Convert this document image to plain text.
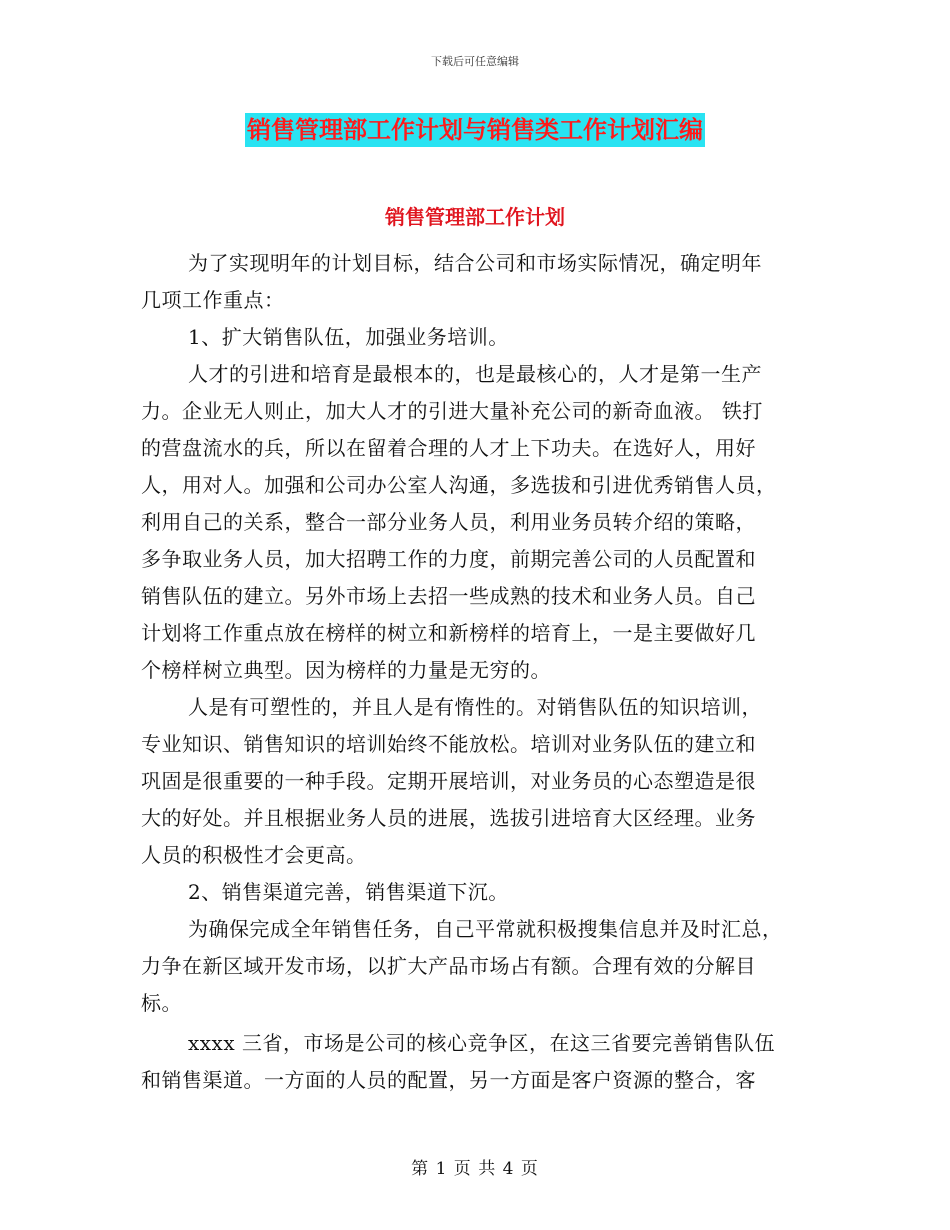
下载后可任意编辑
销售管理部工作计划与销售类工作计划汇编
销售管理部工作计划
为了实现明年的计划目标，结合公司和市场实际情况，确定明年
几项工作重点：
1、扩大销售队伍，加强业务培训。
人才的引进和培育是最根本的，也是最核心的，人才是第一生产
力。企业无人则止，加大人才的引进大量补充公司的新奇血液。 铁打
的营盘流水的兵，所以在留着合理的人才上下功夫。在选好人，用好
人，用对人。加强和公司办公室人沟通，多选拔和引进优秀销售人员，
利用自己的关系，整合一部分业务人员，利用业务员转介绍的策略，
多争取业务人员，加大招聘工作的力度，前期完善公司的人员配置和
销售队伍的建立。另外市场上去招一些成熟的技术和业务人员。自己
计划将工作重点放在榜样的树立和新榜样的培育上，一是主要做好几
个榜样树立典型。因为榜样的力量是无穷的。
人是有可塑性的，并且人是有惰性的。对销售队伍的知识培训，
专业知识、销售知识的培训始终不能放松。培训对业务队伍的建立和
巩固是很重要的一种手段。定期开展培训，对业务员的心态塑造是很
大的好处。并且根据业务人员的进展，选拔引进培育大区经理。业务
人员的积极性才会更高。
2、销售渠道完善，销售渠道下沉。
为确保完成全年销售任务，自己平常就积极搜集信息并及时汇总，
力争在新区域开发市场，以扩大产品市场占有额。合理有效的分解目
标。
xxxx 三省，市场是公司的核心竞争区，在这三省要完善销售队伍
和销售渠道。一方面的人员的配置，另一方面是客户资源的整合，客
第 1 页 共 4 页
